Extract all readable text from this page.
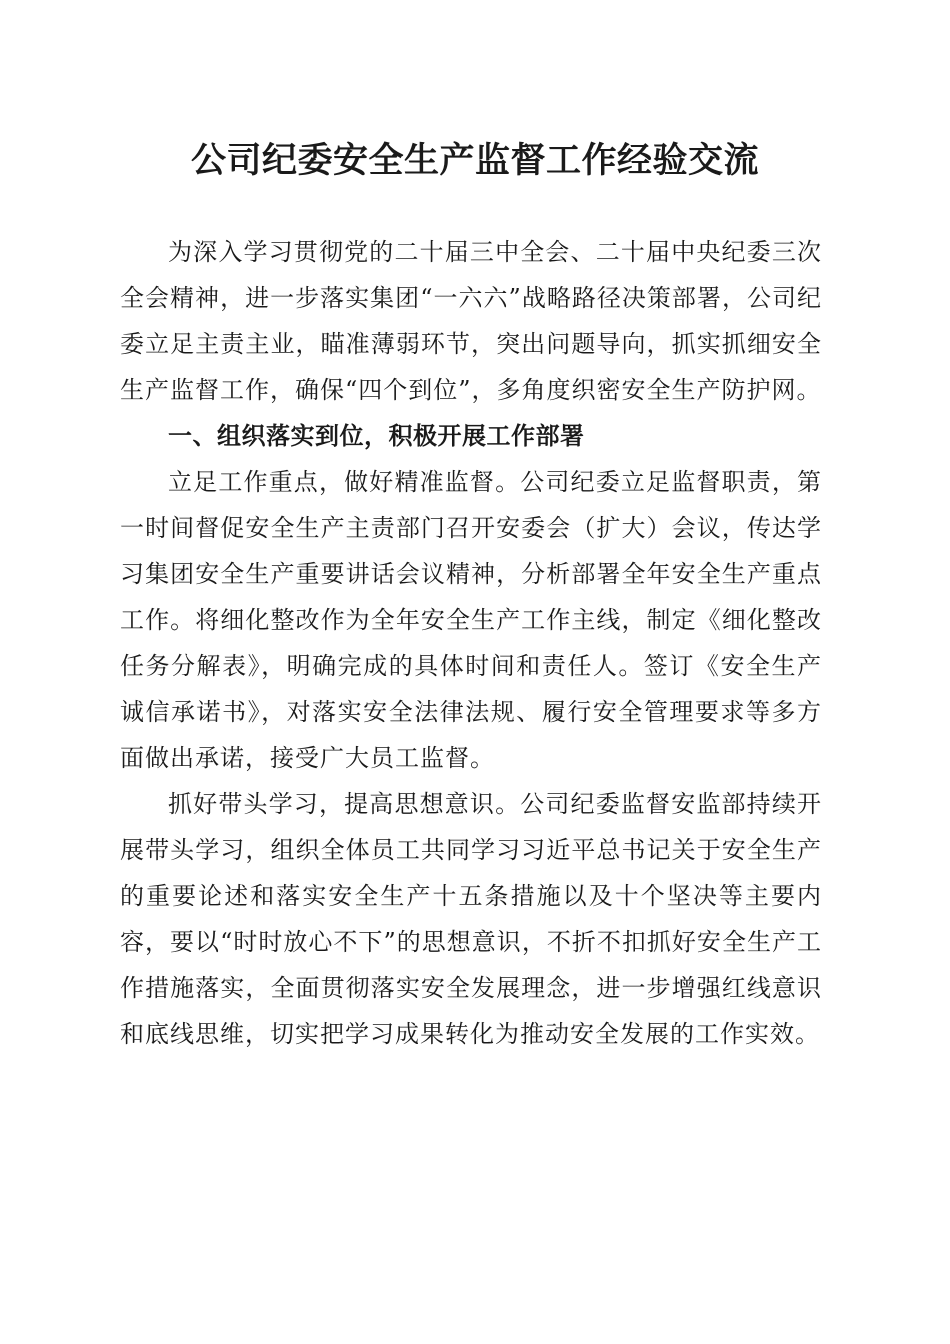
公司纪委安全生产监督工作经验交流

为深入学习贯彻党的二十届三中全会、二十届中央纪委三次全会精神，进一步落实集团“一六六”战略路径决策部署，公司纪委立足主责主业，瞄准薄弱环节，突出问题导向，抓实抓细安全生产监督工作，确保“四个到位”，多角度织密安全生产防护网。

一、组织落实到位，积极开展工作部署

立足工作重点，做好精准监督。公司纪委立足监督职责，第一时间督促安全生产主责部门召开安委会（扩大）会议，传达学习集团安全生产重要讲话会议精神，分析部署全年安全生产重点工作。将细化整改作为全年安全生产工作主线，制定《细化整改任务分解表》，明确完成的具体时间和责任人。签订《安全生产诚信承诺书》，对落实安全法律法规、履行安全管理要求等多方面做出承诺，接受广大员工监督。

抓好带头学习，提高思想意识。公司纪委监督安监部持续开展带头学习，组织全体员工共同学习习近平总书记关于安全生产的重要论述和落实安全生产十五条措施以及十个坚决等主要内容，要以“时时放心不下”的思想意识，不折不扣抓好安全生产工作措施落实，全面贯彻落实安全发展理念，进一步增强红线意识和底线思维，切实把学习成果转化为推动安全发展的工作实效。
